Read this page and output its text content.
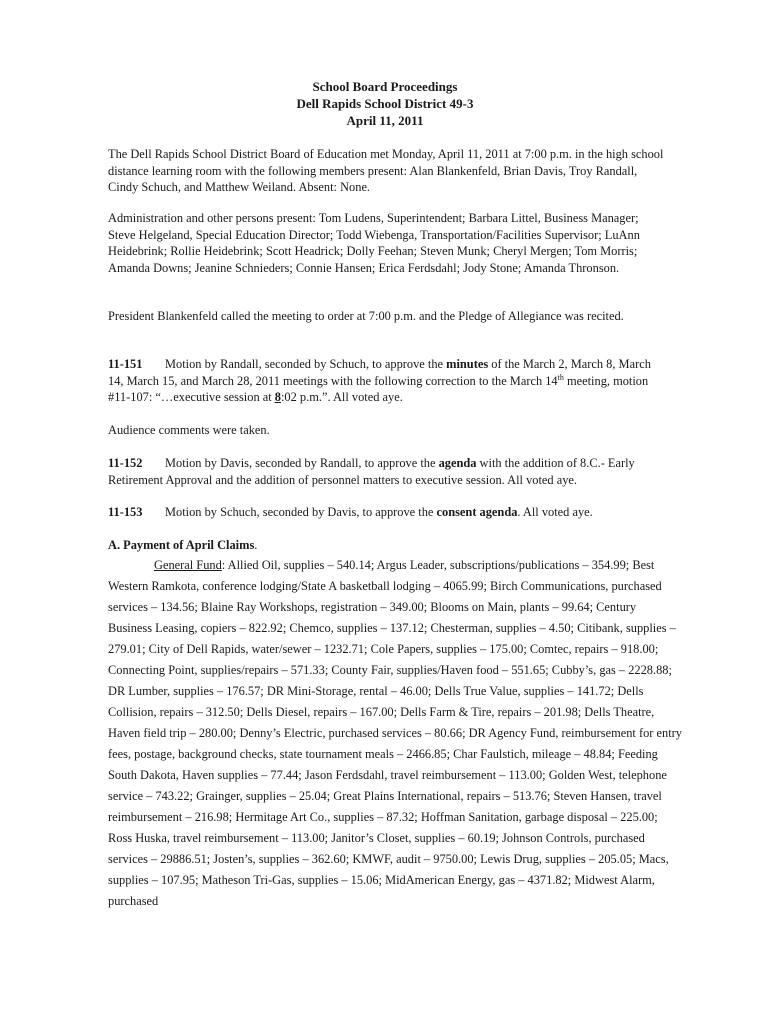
School Board Proceedings
Dell Rapids School District 49-3
April 11, 2011

The Dell Rapids School District Board of Education met Monday, April 11, 2011 at 7:00 p.m. in the high school distance learning room with the following members present: Alan Blankenfeld, Brian Davis, Troy Randall, Cindy Schuch, and Matthew Weiland. Absent: None.

Administration and other persons present: Tom Ludens, Superintendent; Barbara Littel, Business Manager; Steve Helgeland, Special Education Director; Todd Wiebenga, Transportation/Facilities Supervisor; LuAnn Heidebrink; Rollie Heidebrink; Scott Headrick; Dolly Feehan; Steven Munk; Cheryl Mergen; Tom Morris; Amanda Downs; Jeanine Schnieders; Connie Hansen; Erica Ferdsdahl; Jody Stone; Amanda Thronson.

President Blankenfeld called the meeting to order at 7:00 p.m. and the Pledge of Allegiance was recited.

11-151 Motion by Randall, seconded by Schuch, to approve the minutes of the March 2, March 8, March 14, March 15, and March 28, 2011 meetings with the following correction to the March 14th meeting, motion #11-107: “…executive session at 8:02 p.m.”. All voted aye.

Audience comments were taken.

11-152 Motion by Davis, seconded by Randall, to approve the agenda with the addition of 8.C.- Early Retirement Approval and the addition of personnel matters to executive session. All voted aye.

11-153 Motion by Schuch, seconded by Davis, to approve the consent agenda. All voted aye.

A. Payment of April Claims.

General Fund: Allied Oil, supplies – 540.14; Argus Leader, subscriptions/publications – 354.99; Best Western Ramkota, conference lodging/State A basketball lodging – 4065.99; Birch Communications, purchased services – 134.56; Blaine Ray Workshops, registration – 349.00; Blooms on Main, plants – 99.64; Century Business Leasing, copiers – 822.92; Chemco, supplies – 137.12; Chesterman, supplies – 4.50; Citibank, supplies – 279.01; City of Dell Rapids, water/sewer – 1232.71; Cole Papers, supplies – 175.00; Comtec, repairs – 918.00; Connecting Point, supplies/repairs – 571.33; County Fair, supplies/Haven food – 551.65; Cubby’s, gas – 2228.88; DR Lumber, supplies – 176.57; DR Mini-Storage, rental – 46.00; Dells True Value, supplies – 141.72; Dells Collision, repairs – 312.50; Dells Diesel, repairs – 167.00; Dells Farm & Tire, repairs – 201.98; Dells Theatre, Haven field trip – 280.00; Denny’s Electric, purchased services – 80.66; DR Agency Fund, reimbursement for entry fees, postage, background checks, state tournament meals – 2466.85; Char Faulstich, mileage – 48.84; Feeding South Dakota, Haven supplies – 77.44; Jason Ferdsdahl, travel reimbursement – 113.00; Golden West, telephone service – 743.22; Grainger, supplies – 25.04; Great Plains International, repairs – 513.76; Steven Hansen, travel reimbursement – 216.98; Hermitage Art Co., supplies – 87.32; Hoffman Sanitation, garbage disposal – 225.00; Ross Huska, travel reimbursement – 113.00; Janitor’s Closet, supplies – 60.19; Johnson Controls, purchased services – 29886.51; Josten’s, supplies – 362.60; KMWF, audit – 9750.00; Lewis Drug, supplies – 205.05; Macs, supplies – 107.95; Matheson Tri-Gas, supplies – 15.06; MidAmerican Energy, gas – 4371.82; Midwest Alarm, purchased
